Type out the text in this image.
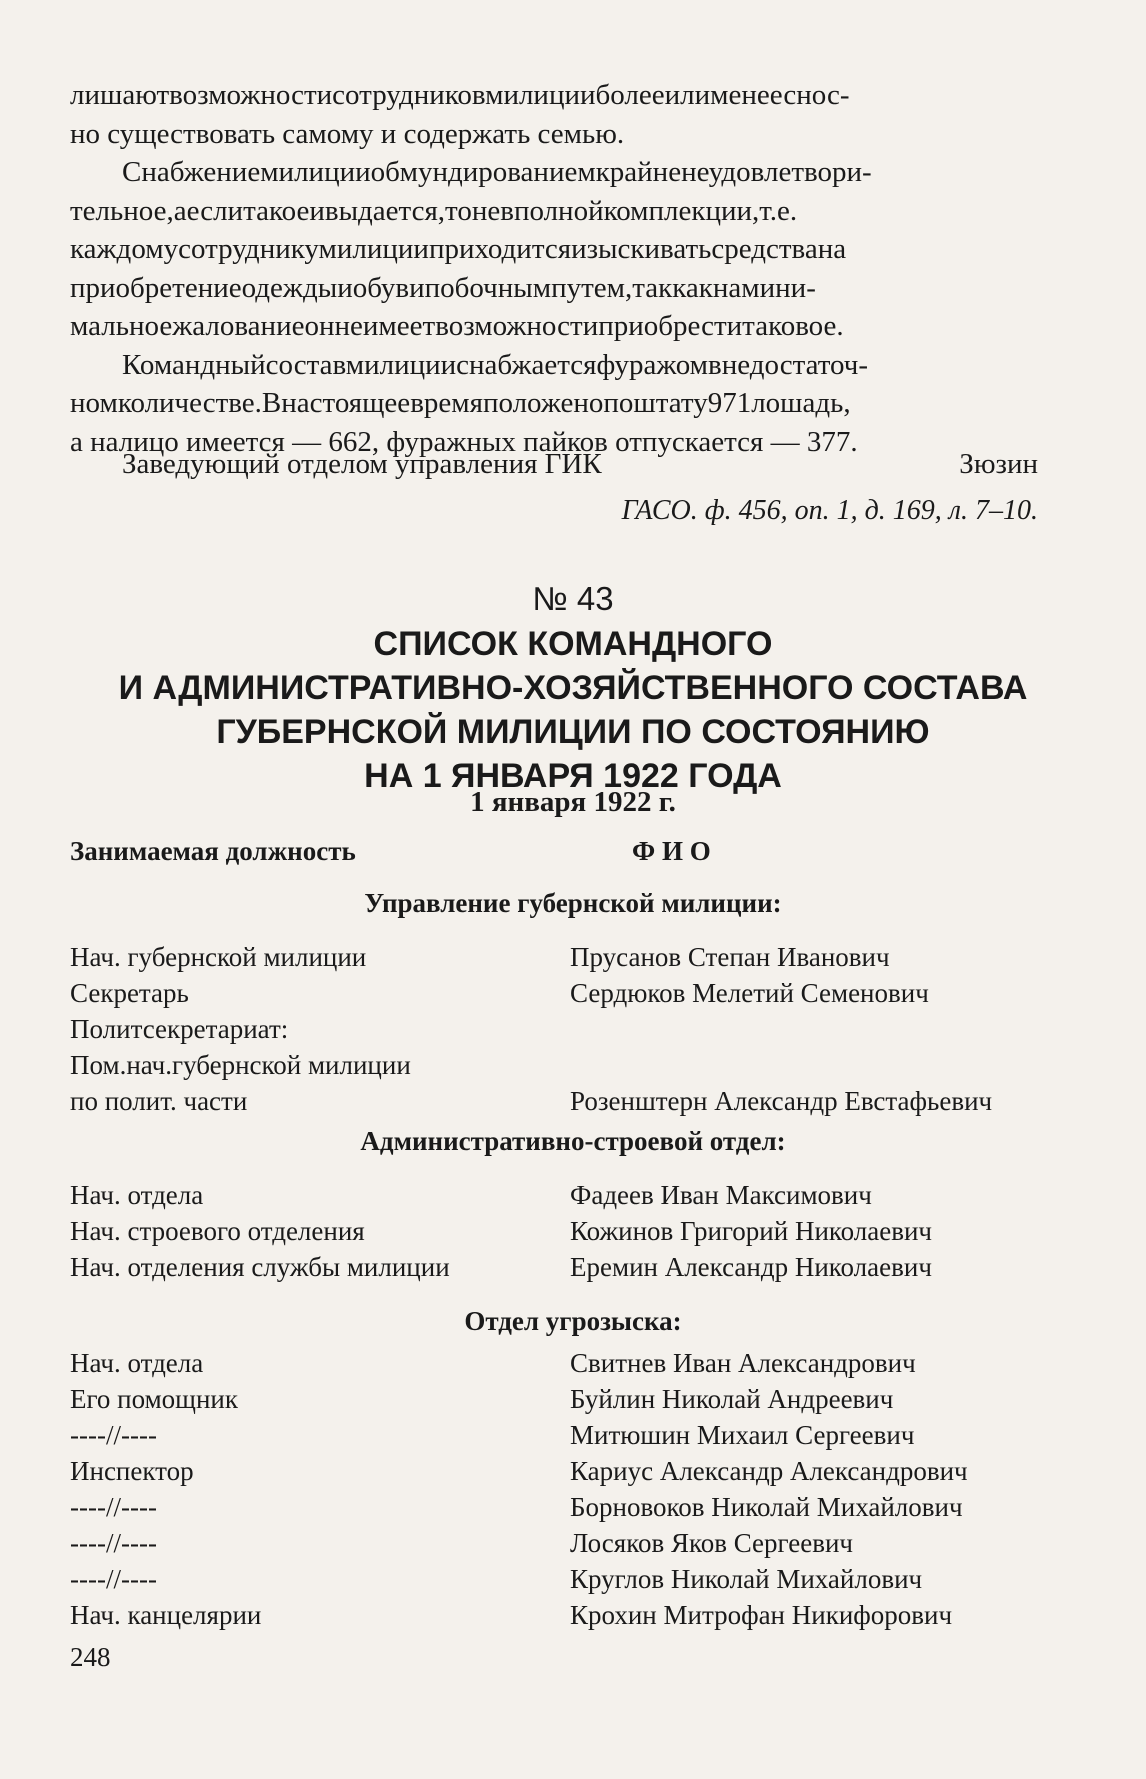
лишаютвозможностисотрудниковмилицииболееилименееснос-
но существовать самому и содержать семью.
Снабжениемилицииобмундированиемкрайненеудовлетвори-
тельное,аеслитакоеивыдается,тоневполнойкомплекции,т.е.
каждомусотрудникумилицииприходитсяизыскиватьсредствана
приобретениеодеждыиобувипобочнымпутем,таккакнамини-
мальноежалованиеоннеимеетвозможностиприобреститаковое.
Командныйсоставмилицииснабжаетсяфуражомвнедостаточ-
номколичестве.Внастоящеевремяположенопоштату971лошадь,
а налицо имеется — 662, фуражных пайков отпускается — 377.
Заведующий отделом управления ГИК	Зюзин
ГАСО. ф. 456, оп. 1, д. 169, л. 7–10.
№ 43
СПИСОК КОМАНДНОГО
И АДМИНИСТРАТИВНО-ХОЗЯЙСТВЕННОГО СОСТАВА
ГУБЕРНСКОЙ МИЛИЦИИ ПО СОСТОЯНИЮ
НА 1 ЯНВАРЯ 1922 ГОДА
1 января 1922 г.
Занимаемая должность	Ф И О
Управление губернской милиции:
Нач. губернской милиции	Прусанов Степан Иванович
Секретарь	Сердюков Мелетий Семенович
Политсекретариат:
Пом.нач.губернской милиции
по полит. части	Розенштерн Александр Евстафьевич
Административно-строевой отдел:
Нач. отдела	Фадеев Иван Максимович
Нач. строевого отделения	Кожинов Григорий Николаевич
Нач. отделения службы милиции	Еремин Александр Николаевич
Отдел угрозыска:
Нач. отдела	Свитнев Иван Александрович
Его помощник	Буйлин Николай Андреевич
----//----	Митюшин Михаил Сергеевич
Инспектор	Кариус Александр Александрович
----//----	Борновоков Николай Михайлович
----//----	Лосяков Яков Сергеевич
----//----	Круглов Николай Михайлович
Нач. канцелярии	Крохин Митрофан Никифорович
248
